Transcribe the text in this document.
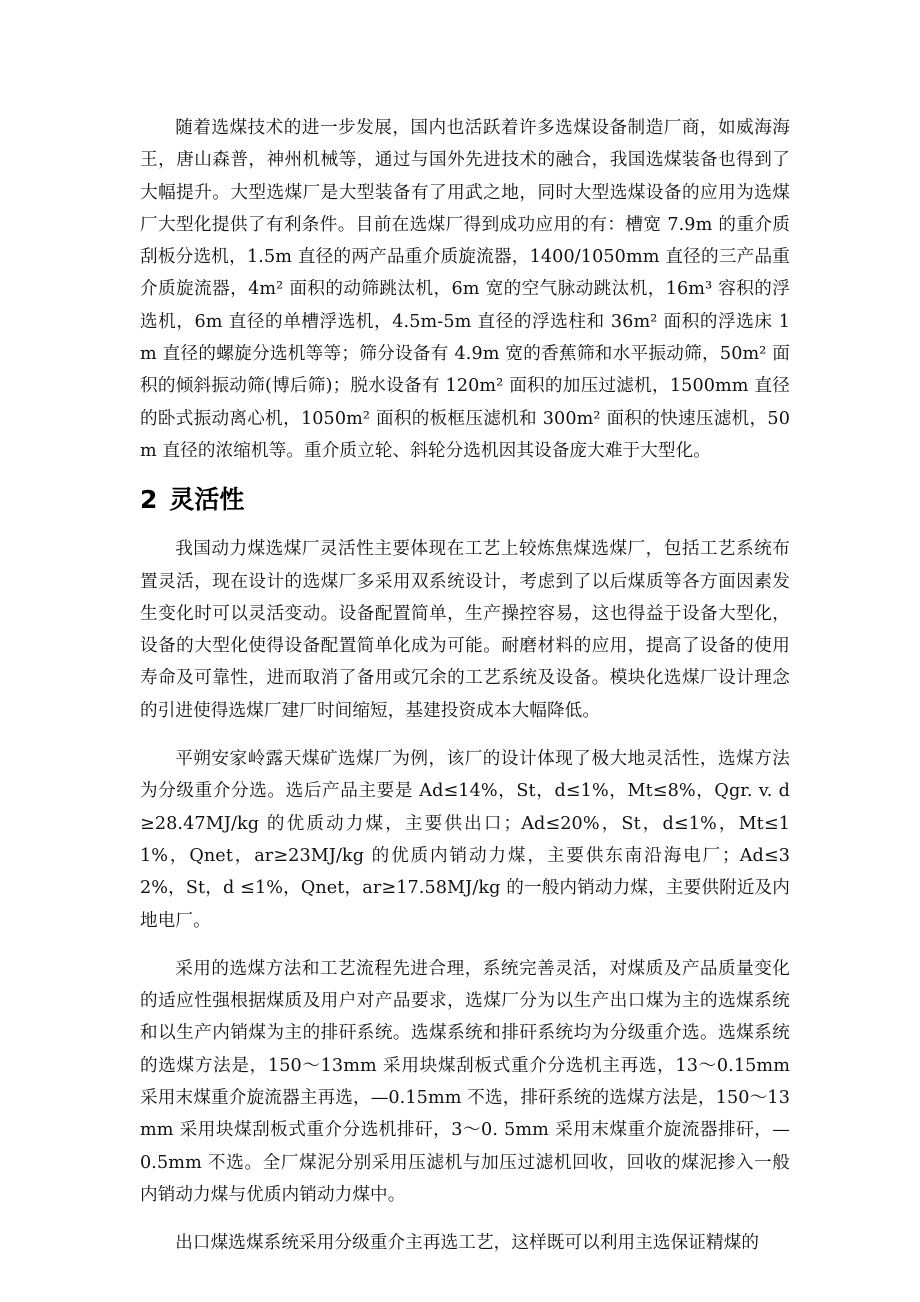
随着选煤技术的进一步发展，国内也活跃着许多选煤设备制造厂商，如威海海王，唐山森普，神州机械等，通过与国外先进技术的融合，我国选煤装备也得到了大幅提升。大型选煤厂是大型装备有了用武之地，同时大型选煤设备的应用为选煤厂大型化提供了有利条件。目前在选煤厂得到成功应用的有：槽宽 7.9m 的重介质刮板分选机，1.5m 直径的两产品重介质旋流器，1400/1050mm 直径的三产品重介质旋流器，4m² 面积的动筛跳汰机，6m 宽的空气脉动跳汰机，16m³ 容积的浮选机，6m 直径的单槽浮选机，4.5m-5m 直径的浮选柱和 36m² 面积的浮选床 1m 直径的螺旋分选机等等；筛分设备有 4.9m 宽的香蕉筛和水平振动筛，50m² 面积的倾斜振动筛(博后筛)；脱水设备有 120m² 面积的加压过滤机，1500mm 直径的卧式振动离心机，1050m² 面积的板框压滤机和 300m² 面积的快速压滤机，50m 直径的浓缩机等。重介质立轮、斜轮分选机因其设备庞大难于大型化。

2 灵活性

我国动力煤选煤厂灵活性主要体现在工艺上较炼焦煤选煤厂，包括工艺系统布置灵活，现在设计的选煤厂多采用双系统设计，考虑到了以后煤质等各方面因素发生变化时可以灵活变动。设备配置简单，生产操控容易，这也得益于设备大型化，设备的大型化使得设备配置简单化成为可能。耐磨材料的应用，提高了设备的使用寿命及可靠性，进而取消了备用或冗余的工艺系统及设备。模块化选煤厂设计理念的引进使得选煤厂建厂时间缩短，基建投资成本大幅降低。

平朔安家岭露天煤矿选煤厂为例，该厂的设计体现了极大地灵活性，选煤方法为分级重介分选。选后产品主要是 Ad≤14%，St，d≤1%，Mt≤8%，Qgr. v. d ≥28.47MJ/kg 的优质动力煤，主要供出口；Ad≤20%，St，d≤1%，Mt≤11%，Qnet，ar≥23MJ/kg 的优质内销动力煤，主要供东南沿海电厂；Ad≤32%，St，d ≤1%，Qnet，ar≥17.58MJ/kg 的一般内销动力煤，主要供附近及内地电厂。

采用的选煤方法和工艺流程先进合理，系统完善灵活，对煤质及产品质量变化的适应性强根据煤质及用户对产品要求，选煤厂分为以生产出口煤为主的选煤系统和以生产内销煤为主的排矸系统。选煤系统和排矸系统均为分级重介选。选煤系统的选煤方法是，150～13mm 采用块煤刮板式重介分选机主再选，13～0.15mm 采用末煤重介旋流器主再选，—0.15mm 不选，排矸系统的选煤方法是，150～13mm 采用块煤刮板式重介分选机排矸，3～0. 5mm 采用末煤重介旋流器排矸，—0.5mm 不选。全厂煤泥分别采用压滤机与加压过滤机回收，回收的煤泥掺入一般内销动力煤与优质内销动力煤中。

出口煤选煤系统采用分级重介主再选工艺，这样既可以利用主选保证精煤的
